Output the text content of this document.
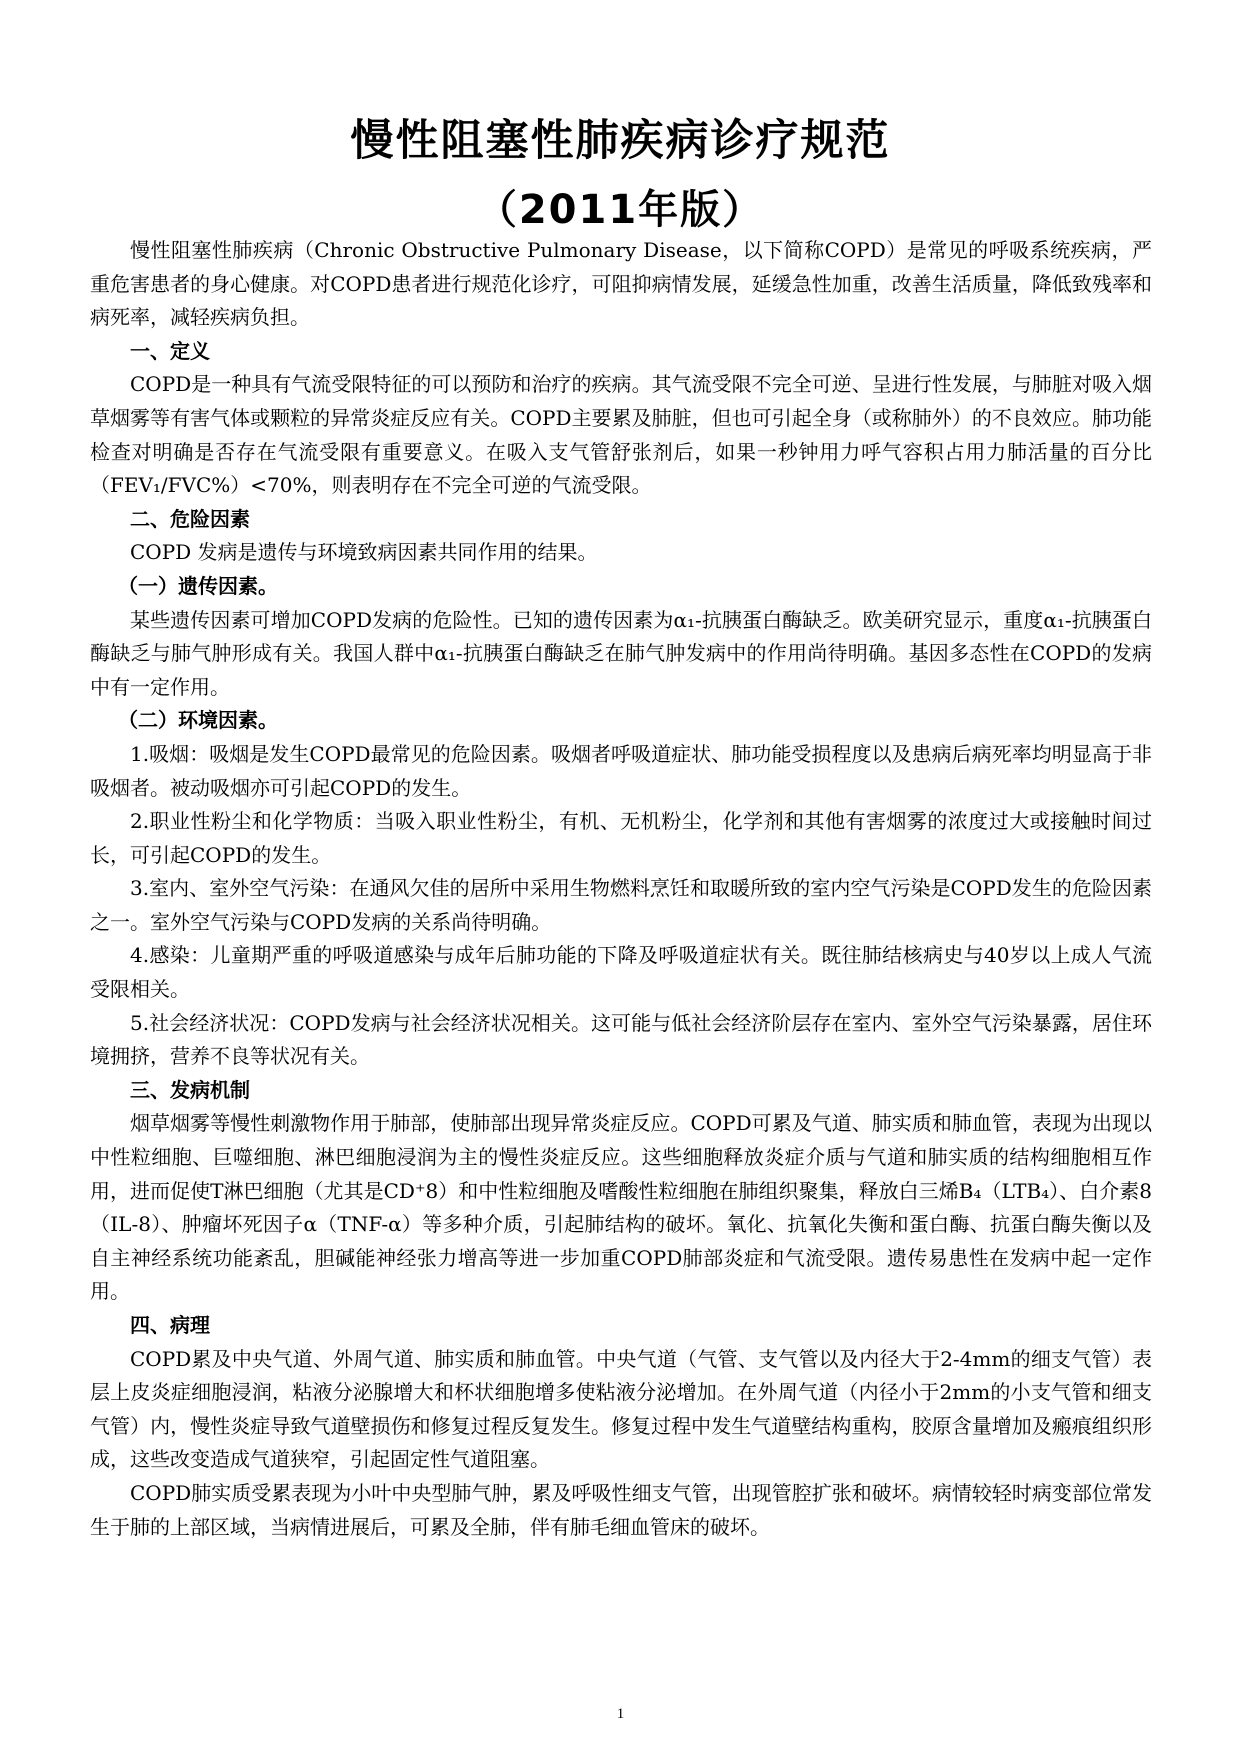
慢性阻塞性肺疾病诊疗规范
（2011年版）

慢性阻塞性肺疾病（Chronic Obstructive Pulmonary Disease，以下简称COPD）是常见的呼吸系统疾病，严重危害患者的身心健康。对COPD患者进行规范化诊疗，可阻抑病情发展，延缓急性加重，改善生活质量，降低致残率和病死率，减轻疾病负担。

一、定义

COPD是一种具有气流受限特征的可以预防和治疗的疾病。其气流受限不完全可逆、呈进行性发展，与肺脏对吸入烟草烟雾等有害气体或颗粒的异常炎症反应有关。COPD主要累及肺脏，但也可引起全身（或称肺外）的不良效应。肺功能检查对明确是否存在气流受限有重要意义。在吸入支气管舒张剂后，如果一秒钟用力呼气容积占用力肺活量的百分比（FEV₁/FVC%）<70%，则表明存在不完全可逆的气流受限。

二、危险因素

COPD 发病是遗传与环境致病因素共同作用的结果。

（一）遗传因素。

某些遗传因素可增加COPD发病的危险性。已知的遗传因素为α₁-抗胰蛋白酶缺乏。欧美研究显示，重度α₁-抗胰蛋白酶缺乏与肺气肿形成有关。我国人群中α₁-抗胰蛋白酶缺乏在肺气肿发病中的作用尚待明确。基因多态性在COPD的发病中有一定作用。

（二）环境因素。

1.吸烟：吸烟是发生COPD最常见的危险因素。吸烟者呼吸道症状、肺功能受损程度以及患病后病死率均明显高于非吸烟者。被动吸烟亦可引起COPD的发生。

2.职业性粉尘和化学物质：当吸入职业性粉尘，有机、无机粉尘，化学剂和其他有害烟雾的浓度过大或接触时间过长，可引起COPD的发生。

3.室内、室外空气污染：在通风欠佳的居所中采用生物燃料烹饪和取暖所致的室内空气污染是COPD发生的危险因素之一。室外空气污染与COPD发病的关系尚待明确。

4.感染：儿童期严重的呼吸道感染与成年后肺功能的下降及呼吸道症状有关。既往肺结核病史与40岁以上成人气流受限相关。

5.社会经济状况：COPD发病与社会经济状况相关。这可能与低社会经济阶层存在室内、室外空气污染暴露，居住环境拥挤，营养不良等状况有关。

三、发病机制

烟草烟雾等慢性刺激物作用于肺部，使肺部出现异常炎症反应。COPD可累及气道、肺实质和肺血管，表现为出现以中性粒细胞、巨噬细胞、淋巴细胞浸润为主的慢性炎症反应。这些细胞释放炎症介质与气道和肺实质的结构细胞相互作用，进而促使T淋巴细胞（尤其是CD⁺8）和中性粒细胞及嗜酸性粒细胞在肺组织聚集，释放白三烯B₄（LTB₄）、白介素8（IL-8）、肿瘤坏死因子α（TNF-α）等多种介质，引起肺结构的破坏。氧化、抗氧化失衡和蛋白酶、抗蛋白酶失衡以及自主神经系统功能紊乱，胆碱能神经张力增高等进一步加重COPD肺部炎症和气流受限。遗传易患性在发病中起一定作用。

四、病理

COPD累及中央气道、外周气道、肺实质和肺血管。中央气道（气管、支气管以及内径大于2-4mm的细支气管）表层上皮炎症细胞浸润，粘液分泌腺增大和杯状细胞增多使粘液分泌增加。在外周气道（内径小于2mm的小支气管和细支气管）内，慢性炎症导致气道壁损伤和修复过程反复发生。修复过程中发生气道壁结构重构，胶原含量增加及瘢痕组织形成，这些改变造成气道狭窄，引起固定性气道阻塞。

COPD肺实质受累表现为小叶中央型肺气肿，累及呼吸性细支气管，出现管腔扩张和破坏。病情较轻时病变部位常发生于肺的上部区域，当病情进展后，可累及全肺，伴有肺毛细血管床的破坏。

1
